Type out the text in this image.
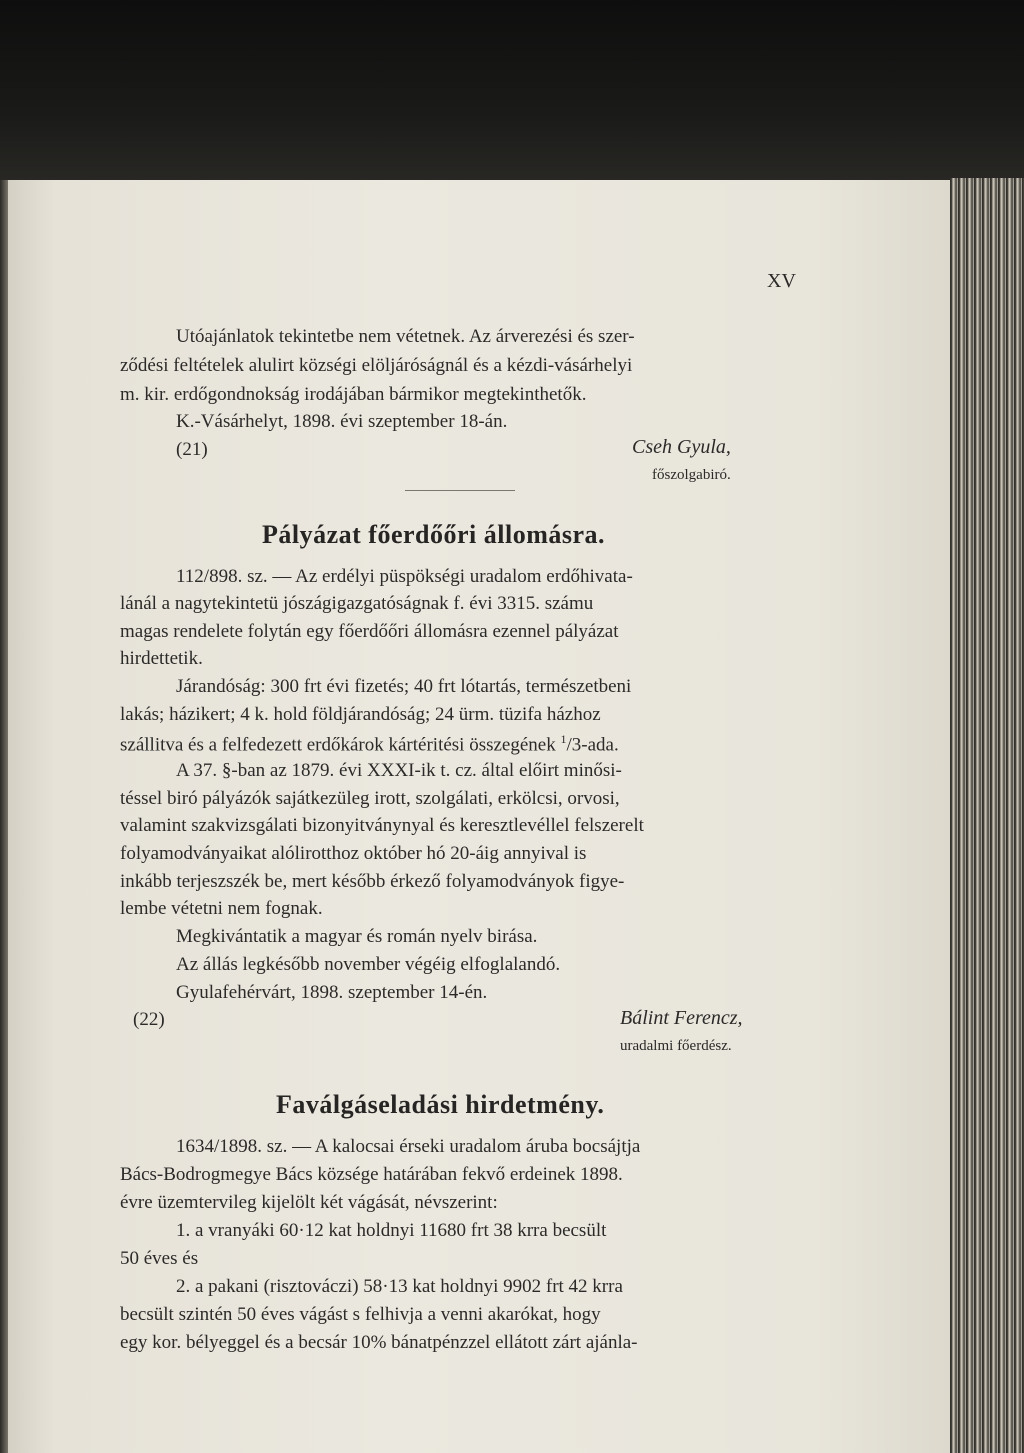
XV
Utóajánlatok tekintetbe nem vétetnek. Az árverezési és szer-
ződési feltételek alulirt községi elöljáróságnál és a kézdi-vásárhelyi
m. kir. erdőgondnokság irodájában bármikor megtekinthetők.
K.-Vásárhelyt, 1898. évi szeptember 18-án.
(21)	Cseh Gyula,
főszolgabiró.
Pályázat főerdőőri állomásra.
112/898. sz. — Az erdélyi püspökségi uradalom erdőhivata-
lánál a nagytekintetü jószágigazgatóságnak f. évi 3315. számu
magas rendelete folytán egy főerdőőri állomásra ezennel pályázat
hirdettetik.
Járandóság: 300 frt évi fizetés; 40 frt lótartás, természetbeni
lakás; házikert; 4 k. hold földjárandóság; 24 ürm. tüzifa házhoz
szállitva és a felfedezett erdőkárok kártéritési összegének $^1$/3-ada.
A 37. §-ban az 1879. évi XXXI-ik t. cz. által előirt minősi-
téssel biró pályázók sajátkezüleg irott, szolgálati, erkölcsi, orvosi,
valamint szakvizsgálati bizonyitványnyal és keresztlevéllel felszerelt
folyamodványaikat alólirotthoz október hó 20-áig annyival is
inkább terjeszszék be, mert később érkező folyamodványok figye-
lembe vétetni nem fognak.
Megkivántatik a magyar és román nyelv birása.
Az állás legkésőbb november végéig elfoglalandó.
Gyulafehérvárt, 1898. szeptember 14-én.
(22)	Bálint Ferencz,
uradalmi főerdész.
Faválgáseladási hirdetmény.
1634/1898. sz. — A kalocsai érseki uradalom áruba bocsájtja
Bács-Bodrogmegye Bács községe határában fekvő erdeinek 1898.
évre üzemtervileg kijelölt két vágását, névszerint:
1. a vranyáki 60·12 kat holdnyi 11680 frt 38 krra becsült
50 éves és
2. a pakani (risztováczi) 58·13 kat holdnyi 9902 frt 42 krra
becsült szintén 50 éves vágást s felhivja a venni akarókat, hogy
egy kor. bélyeggel és a becsár 10% bánatpénzzel ellátott zárt ajánla-
